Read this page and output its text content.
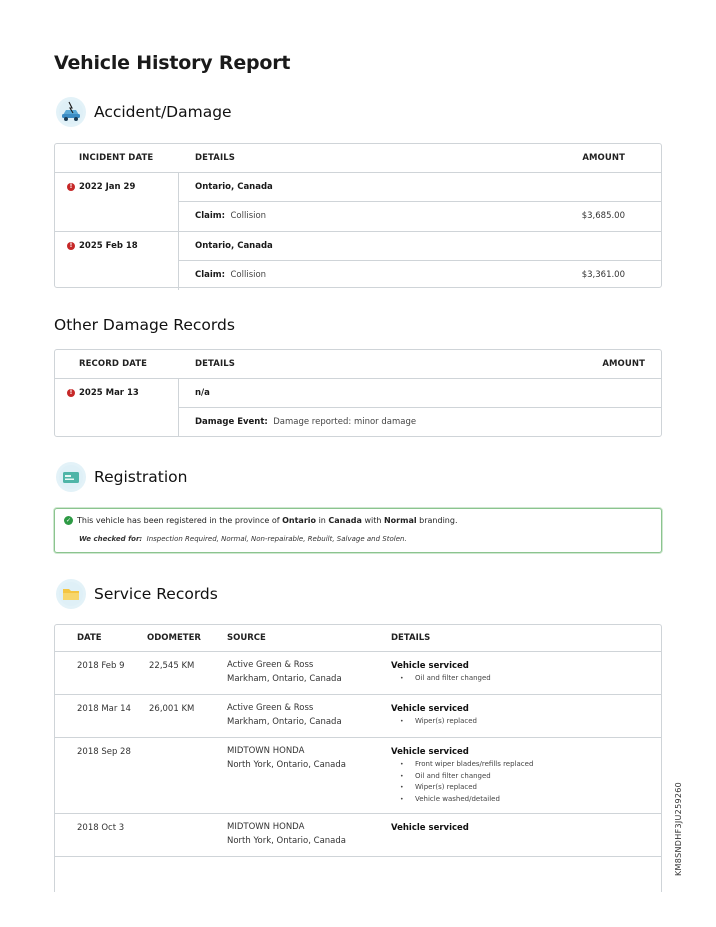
Vehicle History Report
Accident/Damage
INCIDENT DATE	DETAILS	AMOUNT
! 2022 Jan 29	Ontario, Canada
Claim: Collision	$3,685.00
! 2025 Feb 18	Ontario, Canada
Claim: Collision	$3,361.00
Other Damage Records
RECORD DATE	DETAILS	AMOUNT
! 2025 Mar 13	n/a
Damage Event: Damage reported: minor damage
Registration
✓ This vehicle has been registered in the province of
Ontario
in
Canada
with
Normal
branding.
We checked for: Inspection Required, Normal, Non-repairable, Rebuilt, Salvage and Stolen.
Service Records
DATE	ODOMETER	SOURCE	DETAILS
2018 Feb 9	22,545 KM	Active Green & Ross
Markham, Ontario, Canada
Vehicle serviced
• Oil and filter changed
2018 Mar 14 26,001 KM	Active Green & Ross
Markham, Ontario, Canada
Vehicle serviced
• Wiper(s) replaced
2018 Sep 28	MIDTOWN HONDA
North York, Ontario, Canada
Vehicle serviced
• Front wiper blades/refills replaced
• Oil and filter changed
• Wiper(s) replaced
• Vehicle washed/detailed
2018 Oct 3	MIDTOWN HONDA
North York, Ontario, Canada
Vehicle serviced	KM8SNDHF3JU259260
